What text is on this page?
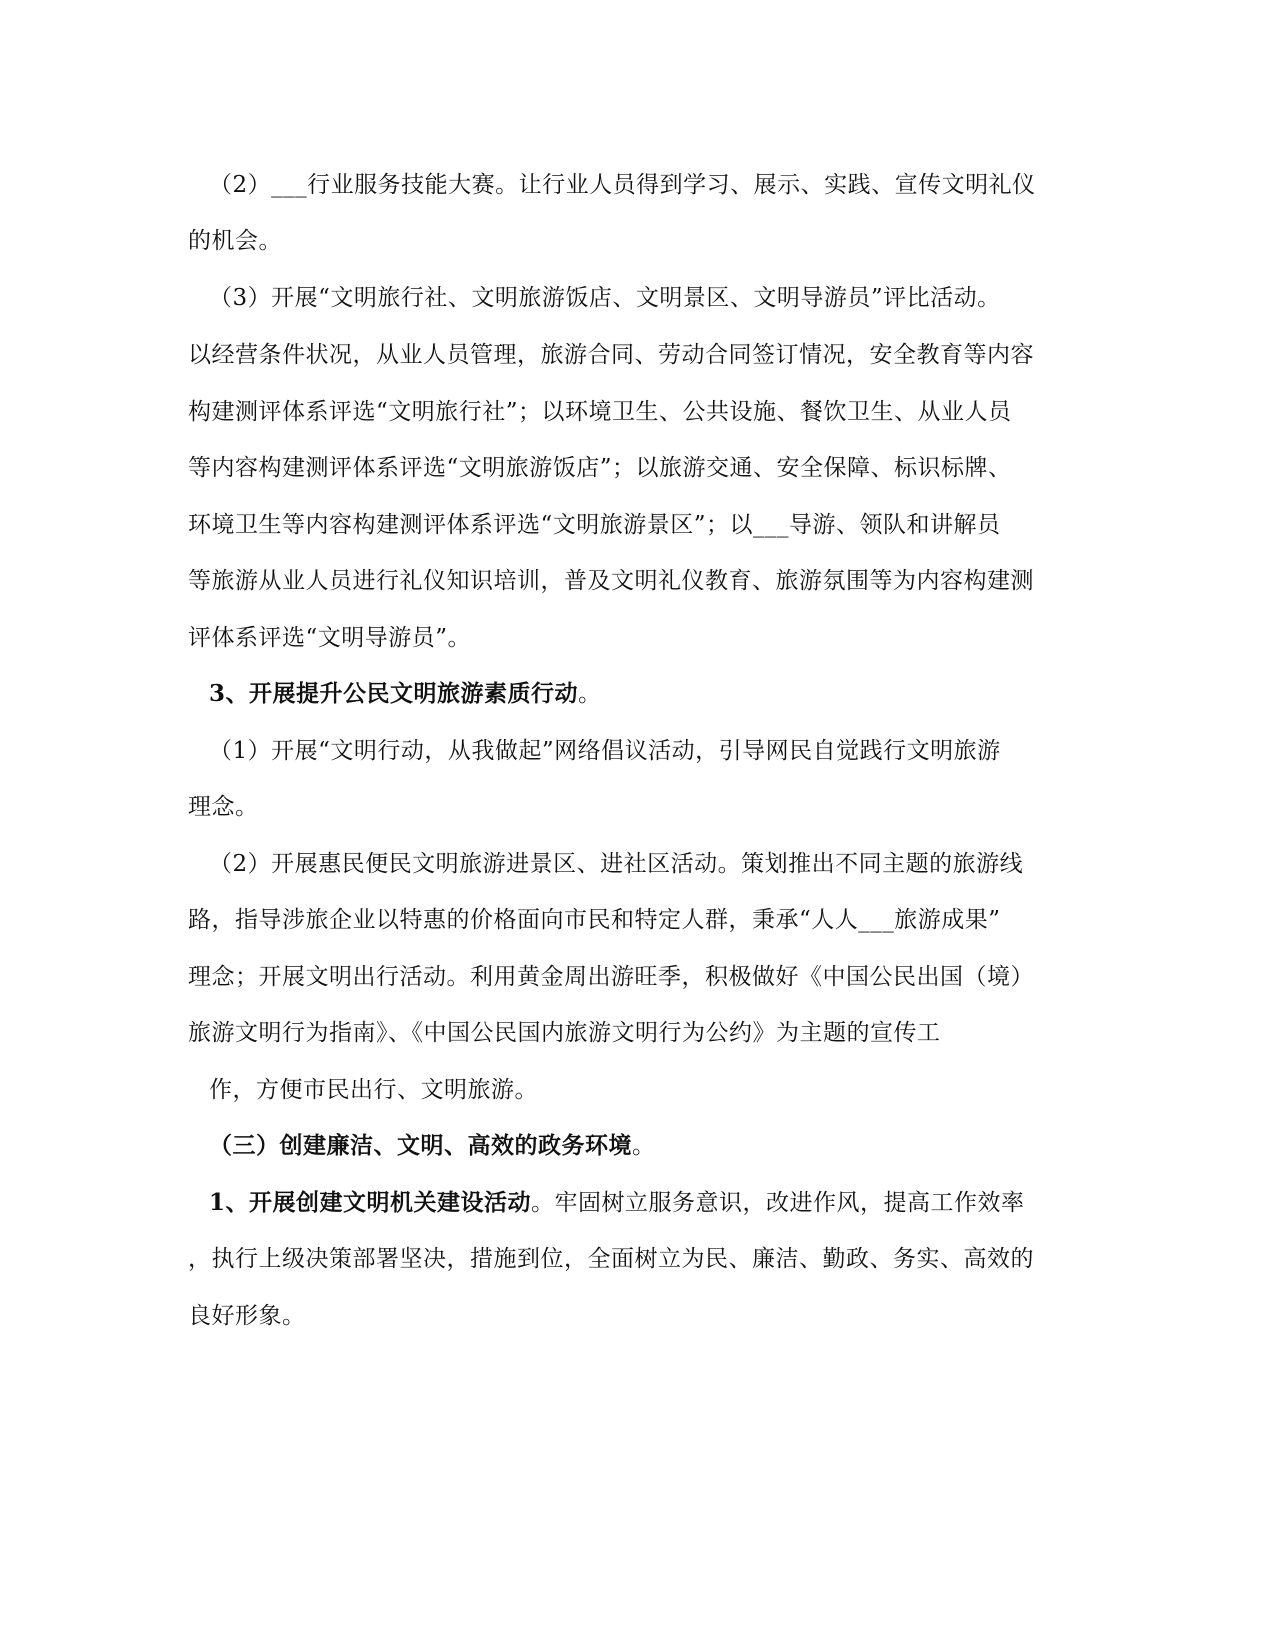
（2）___行业服务技能大赛。让行业人员得到学习、展示、实践、宣传文明礼仪
的机会。
（3）开展“文明旅行社、文明旅游饭店、文明景区、文明导游员”评比活动。
以经营条件状况，从业人员管理，旅游合同、劳动合同签订情况，安全教育等内容
构建测评体系评选“文明旅行社”；以环境卫生、公共设施、餐饮卫生、从业人员
等内容构建测评体系评选“文明旅游饭店”；以旅游交通、安全保障、标识标牌、
环境卫生等内容构建测评体系评选“文明旅游景区”；以___导游、领队和讲解员
等旅游从业人员进行礼仪知识培训，普及文明礼仪教育、旅游氛围等为内容构建测
评体系评选“文明导游员”。
3、开展提升公民文明旅游素质行动。
（1）开展“文明行动，从我做起”网络倡议活动，引导网民自觉践行文明旅游
理念。
（2）开展惠民便民文明旅游进景区、进社区活动。策划推出不同主题的旅游线
路，指导涉旅企业以特惠的价格面向市民和特定人群，秉承“人人___旅游成果”
理念；开展文明出行活动。利用黄金周出游旺季，积极做好《中国公民出国（境）
旅游文明行为指南》、《中国公民国内旅游文明行为公约》为主题的宣传工
作，方便市民出行、文明旅游。
（三）创建廉洁、文明、高效的政务环境。
1、开展创建文明机关建设活动。牢固树立服务意识，改进作风，提高工作效率
，执行上级决策部署坚决，措施到位，全面树立为民、廉洁、勤政、务实、高效的
良好形象。
